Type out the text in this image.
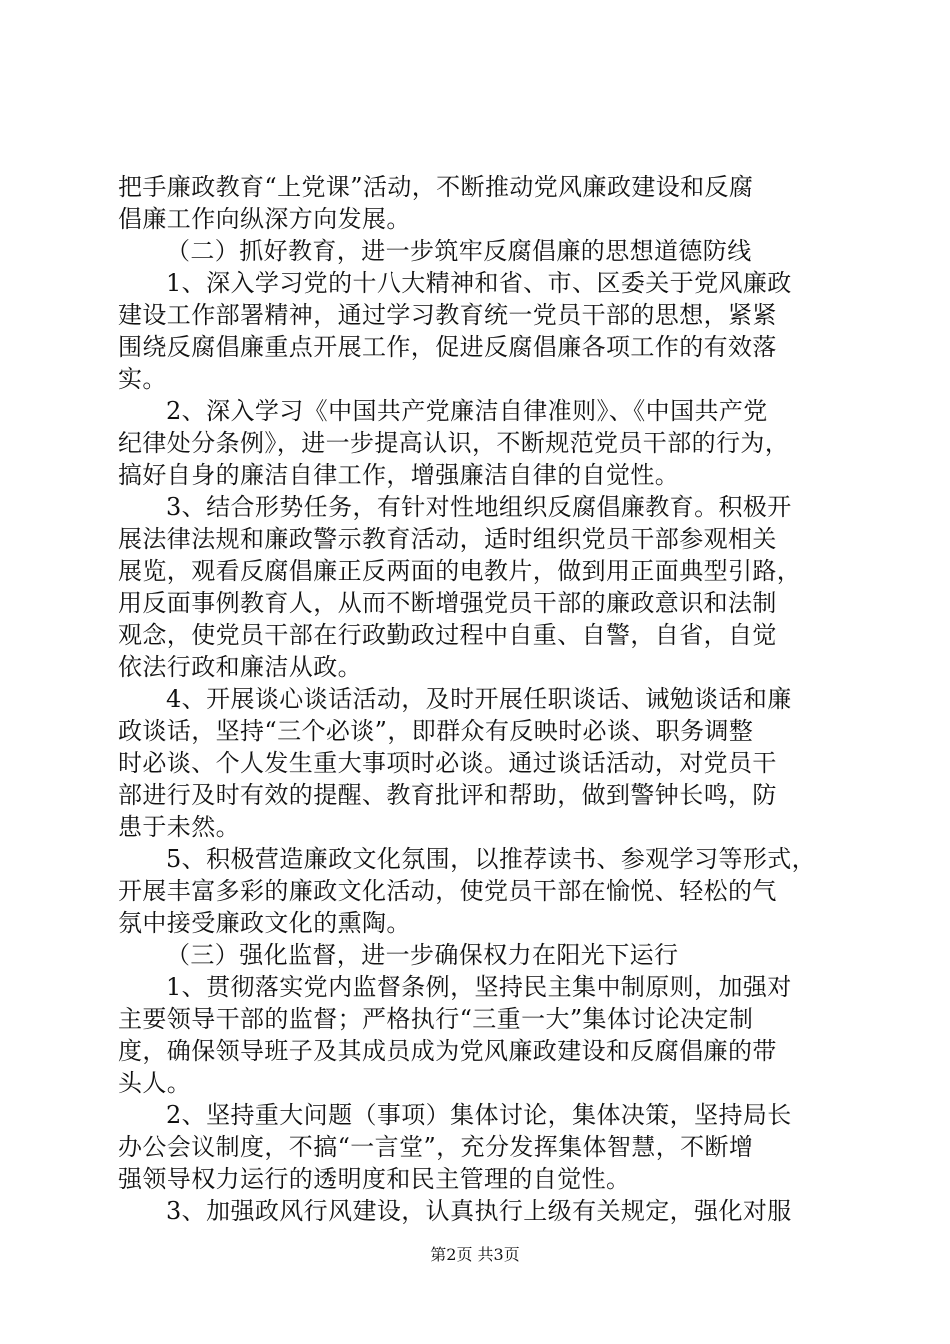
把手廉政教育“上党课”活动，不断推动党风廉政建设和反腐
倡廉工作向纵深方向发展。
（二）抓好教育，进一步筑牢反腐倡廉的思想道德防线
1、深入学习党的十八大精神和省、市、区委关于党风廉政
建设工作部署精神，通过学习教育统一党员干部的思想，紧紧
围绕反腐倡廉重点开展工作，促进反腐倡廉各项工作的有效落
实。
2、深入学习《中国共产党廉洁自律准则》、《中国共产党
纪律处分条例》，进一步提高认识，不断规范党员干部的行为，
搞好自身的廉洁自律工作，增强廉洁自律的自觉性。
3、结合形势任务，有针对性地组织反腐倡廉教育。积极开
展法律法规和廉政警示教育活动，适时组织党员干部参观相关
展览，观看反腐倡廉正反两面的电教片，做到用正面典型引路，
用反面事例教育人，从而不断增强党员干部的廉政意识和法制
观念，使党员干部在行政勤政过程中自重、自警，自省，自觉
依法行政和廉洁从政。
4、开展谈心谈话活动，及时开展任职谈话、诫勉谈话和廉
政谈话，坚持“三个必谈”，即群众有反映时必谈、职务调整
时必谈、个人发生重大事项时必谈。通过谈话活动，对党员干
部进行及时有效的提醒、教育批评和帮助，做到警钟长鸣，防
患于未然。
5、积极营造廉政文化氛围，以推荐读书、参观学习等形式，
开展丰富多彩的廉政文化活动，使党员干部在愉悦、轻松的气
氛中接受廉政文化的熏陶。
（三）强化监督，进一步确保权力在阳光下运行
1、贯彻落实党内监督条例，坚持民主集中制原则，加强对
主要领导干部的监督；严格执行“三重一大”集体讨论决定制
度，确保领导班子及其成员成为党风廉政建设和反腐倡廉的带
头人。
2、坚持重大问题（事项）集体讨论，集体决策，坚持局长
办公会议制度，不搞“一言堂”，充分发挥集体智慧，不断增
强领导权力运行的透明度和民主管理的自觉性。
3、加强政风行风建设，认真执行上级有关规定，强化对服
第2页 共3页
